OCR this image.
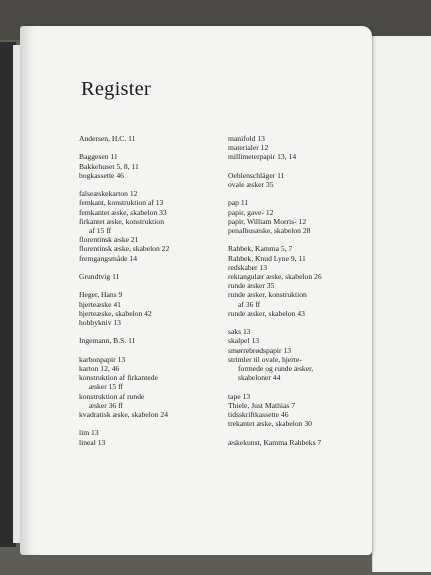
Register
Andersen, H.C. 11
Baggesen 11
Bakkehuset 5, 8, 11
bogkassette 46
falseæskekarton 12
femkant, konstruktion af 13
femkantet æske, skabelon 33
firkantet æske, konstruktion
af 15 ff
florentinsk æske 21
florentinsk æske, skabelon 22
fremgangsmåde 14
Grundtvig 11
Heger, Hans 9
hjerteæske 41
hjerteæske, skabelon 42
hobbykniv 13
Ingemann, B.S. 11
karbonpapir 13
karton 12, 46
konstruktion af firkantede
æsker 15 ff
konstruktion af runde
æsker 36 ff
kvadratisk æske, skabelon 24
lim 13
lineal 13
manifold 13
materialer 12
millimeterpapir 13, 14
Oehlenschläger 11
ovale æsker 35
pap 11
papir, gave- 12
papir, William Morris- 12
penalhusæske, skabelon 28
Rahbek, Kamma 5, 7
Rahbek, Knud Lyne 9, 11
redskaber 13
rektangulær æske, skabelon 26
runde æsker 35
runde æsker, konstruktion
af 36 ff
runde æsker, skabelon 43
saks 13
skalpel 13
smørrebrødspapir 13
strimler til ovale, hjerte-
formede og runde æsker,
skabeloner 44
tape 13
Thiele, Just Mathias 7
tidsskriftkassette 46
trekantet æske, skabelon 30
æskekunst, Kamma Rahbeks 7
